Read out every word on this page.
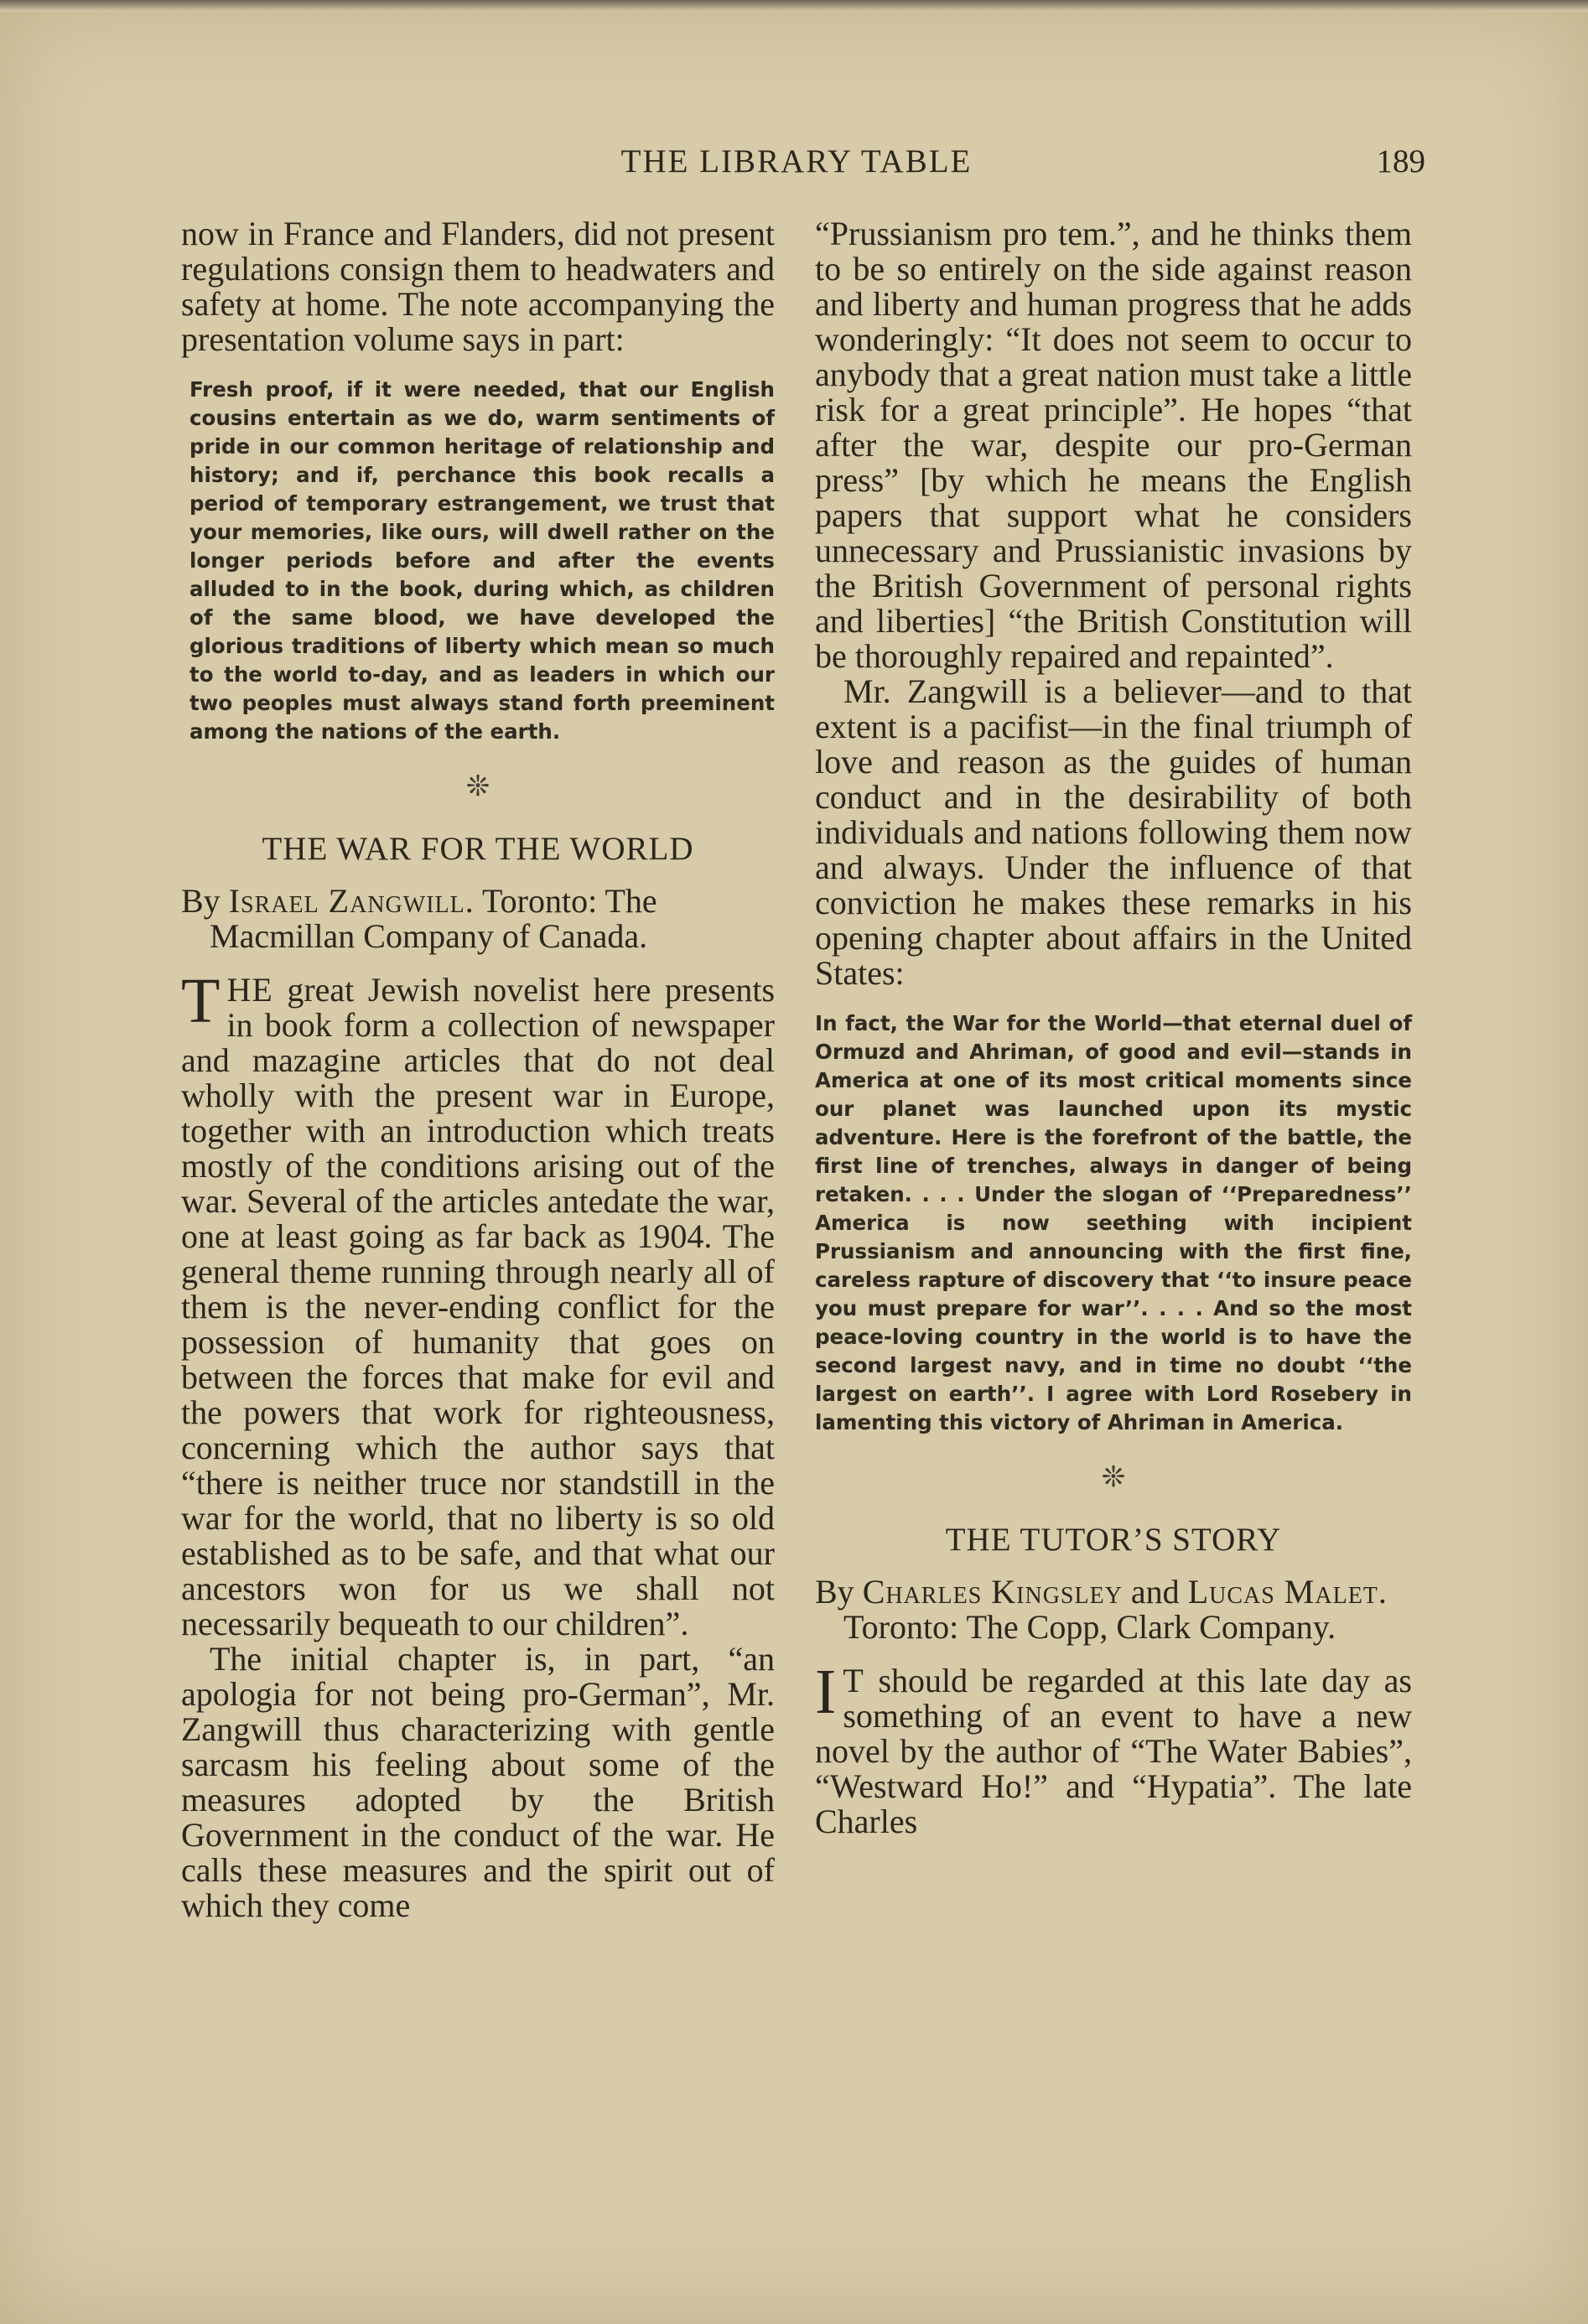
THE LIBRARY TABLE	189

now in France and Flanders, did not present regulations consign them to headwaters and safety at home. The note accompanying the presentation volume says in part:

Fresh proof, if it were needed, that our English cousins entertain as we do, warm sentiments of pride in our common heritage of relationship and history; and if, perchance this book recalls a period of temporary estrangement, we trust that your memories, like ours, will dwell rather on the longer periods before and after the events alluded to in the book, during which, as children of the same blood, we have developed the glorious traditions of liberty which mean so much to the world to-day, and as leaders in which our two peoples must always stand forth preeminent among the nations of the earth.
❊
THE WAR FOR THE WORLD
By Israel Zangwill. Toronto: The Macmillan Company of Canada.

T HE great Jewish novelist here presents in book form a collection of newspaper and mazagine articles that do not deal wholly with the present war in Europe, together with an introduction which treats mostly of the conditions arising out of the war. Several of the articles antedate the war, one at least going as far back as 1904. The general theme running through nearly all of them is the never-ending conflict for the possession of humanity that goes on between the forces that make for evil and the powers that work for righteousness, concerning which the author says that “there is neither truce nor standstill in the war for the world, that no liberty is so old established as to be safe, and that what our ancestors won for us we shall not necessarily bequeath to our children”.

The initial chapter is, in part, “an apologia for not being pro-German”, Mr. Zangwill thus characterizing with gentle sarcasm his feeling about some of the measures adopted by the British Government in the conduct of the war. He calls these measures and the spirit out of which they come

“Prussianism pro tem.”, and he thinks them to be so entirely on the side against reason and liberty and human progress that he adds wonderingly: “It does not seem to occur to anybody that a great nation must take a little risk for a great principle”. He hopes “that after the war, despite our pro-German press” [by which he means the English papers that support what he considers unnecessary and Prussianistic invasions by the British Government of personal rights and liberties] “the British Constitution will be thoroughly repaired and repainted”.

Mr. Zangwill is a believer—and to that extent is a pacifist—in the final triumph of love and reason as the guides of human conduct and in the desirability of both individuals and nations following them now and always. Under the influence of that conviction he makes these remarks in his opening chapter about affairs in the United States:

In fact, the War for the World—that eternal duel of Ormuzd and Ahriman, of good and evil—stands in America at one of its most critical moments since our planet was launched upon its mystic adventure. Here is the forefront of the battle, the first line of trenches, always in danger of being retaken. . . . Under the slogan of ‘‘Preparedness’’ America is now seething with incipient Prussianism and announcing with the first fine, careless rapture of discovery that ‘‘to insure peace you must prepare for war’’. . . . And so the most peace-loving country in the world is to have the second largest navy, and in time no doubt ‘‘the largest on earth’’. I agree with Lord Rosebery in lamenting this victory of Ahriman in America.
❊
THE TUTOR’S STORY
By Charles Kingsley and Lucas Malet. Toronto: The Copp, Clark Company.

I T should be regarded at this late day as something of an event to have a new novel by the author of “The Water Babies”, “Westward Ho!” and “Hypatia”. The late Charles
